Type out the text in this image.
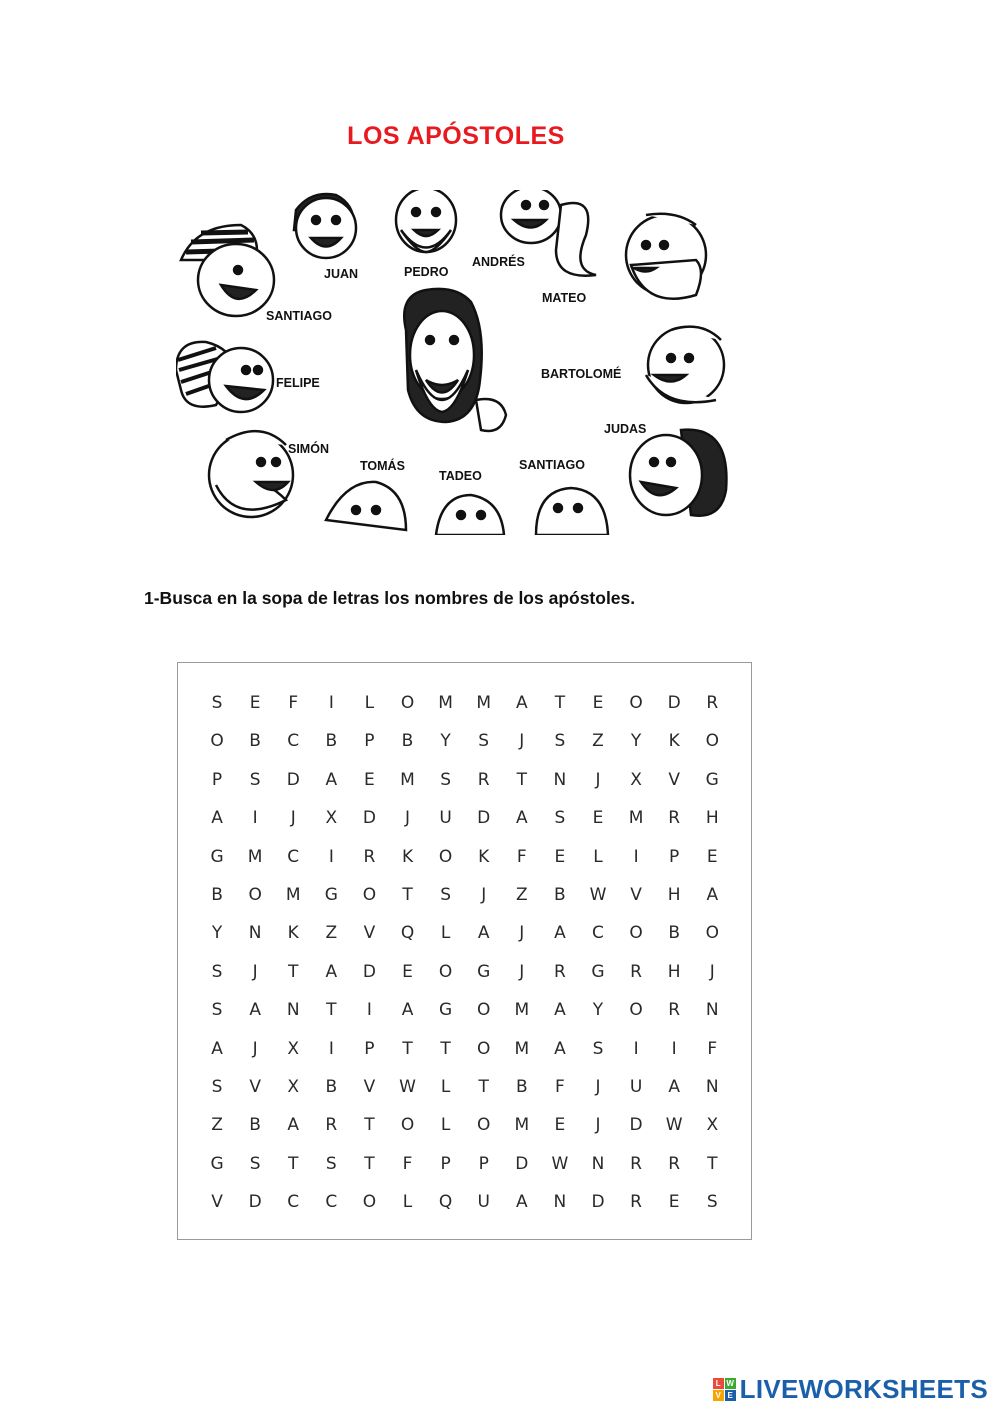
LOS APÓSTOLES
JUAN	PEDRO
ANDRÉS
SANTIAGO
MATEO
FELIPE
BARTOLOMÉ
JUDAS
SIMÓN
TOMÁS
TADEO
SANTIAGO
1-Busca en la sopa de letras los nombres de los apóstoles.
S	E	F	I	L	O	M	M	A	T	E	O	D	R
O	B	C	B	P	B	Y	S	J	S	Z	Y	K	O
P	S	D	A	E	M	S	R	T	N	J	X	V	G
A	I	J	X	D	J	U	D	A	S	E	M	R	H
G	M	C	I	R	K	O	K	F	E	L	I	P	E
B	O	M	G	O	T	S	J	Z	B	W	V	H	A
Y	N	K	Z	V	Q	L	A	J	A	C	O	B	O
S	J	T	A	D	E	O	G	J	R	G	R	H	J
S	A	N	T	I	A	G	O	M	A	Y	O	R	N
A	J	X	I	P	T	T	O	M	A	S	I	I	F
S	V	X	B	V	W	L	T	B	F	J	U	A	N
Z	B	A	R	T	O	L	O	M	E	J	D	W	X
G	S	T	S	T	F	P	P	D	W	N	R	R	T
V	D	C	C	O	L	Q	U	A	N	D	R	E	S
L W
V E LIVEWORKSHEETS
